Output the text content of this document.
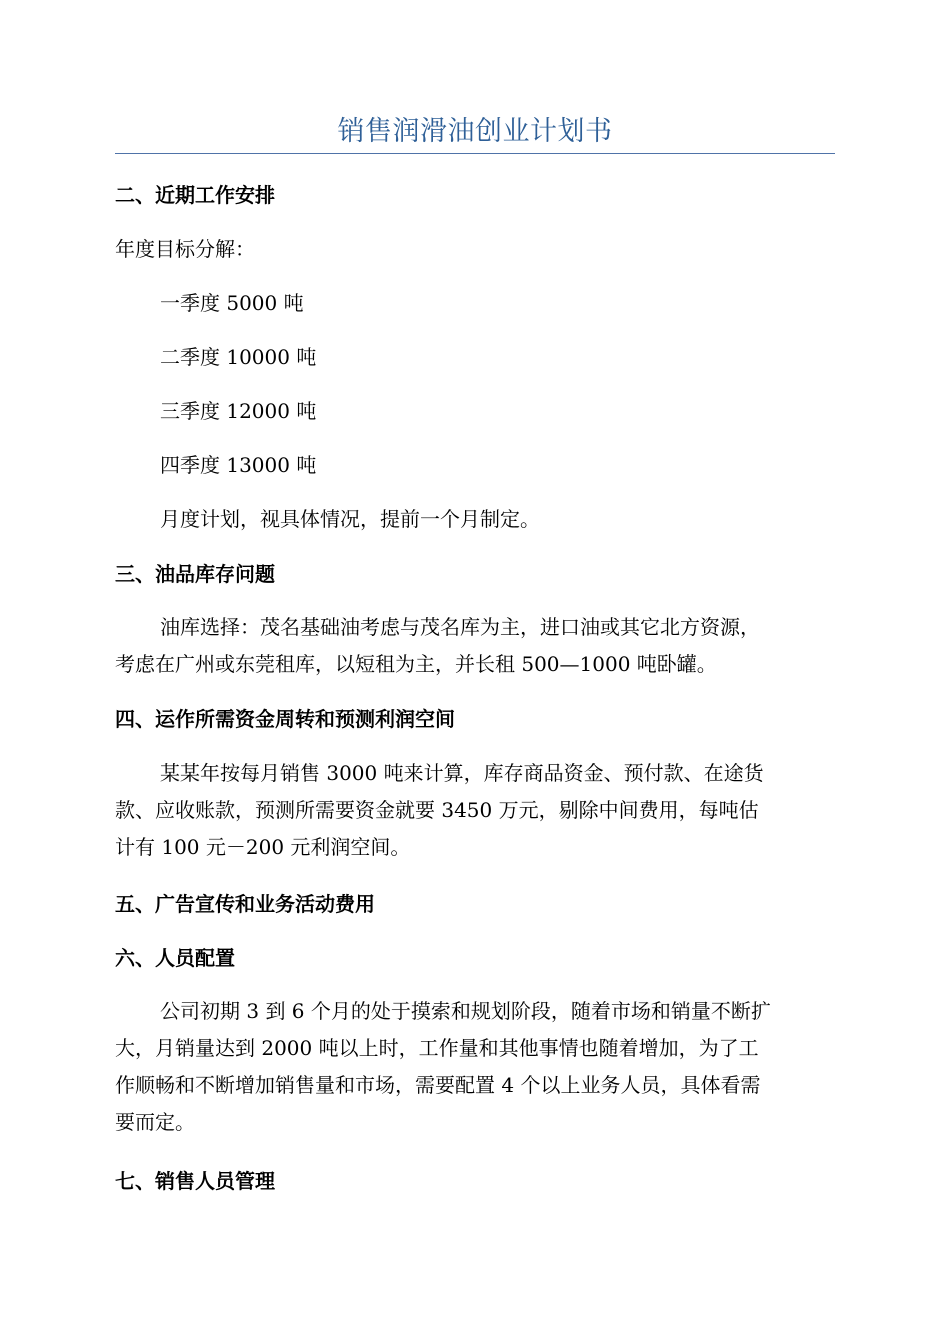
销售润滑油创业计划书
二、近期工作安排
年度目标分解：
一季度 5000 吨
二季度 10000 吨
三季度 12000 吨
四季度 13000 吨
月度计划，视具体情况，提前一个月制定。
三、油品库存问题
油库选择：茂名基础油考虑与茂名库为主，进口油或其它北方资源，
考虑在广州或东莞租库，以短租为主，并长租 500—1000 吨卧罐。
四、运作所需资金周转和预测利润空间
某某年按每月销售 3000 吨来计算，库存商品资金、预付款、在途货
款、应收账款，预测所需要资金就要 3450 万元，剔除中间费用，每吨估
计有 100 元－200 元利润空间。
五、广告宣传和业务活动费用
六、人员配置
公司初期 3 到 6 个月的处于摸索和规划阶段，随着市场和销量不断扩
大，月销量达到 2000 吨以上时，工作量和其他事情也随着增加，为了工
作顺畅和不断增加销售量和市场，需要配置 4 个以上业务人员，具体看需
要而定。
七、销售人员管理
